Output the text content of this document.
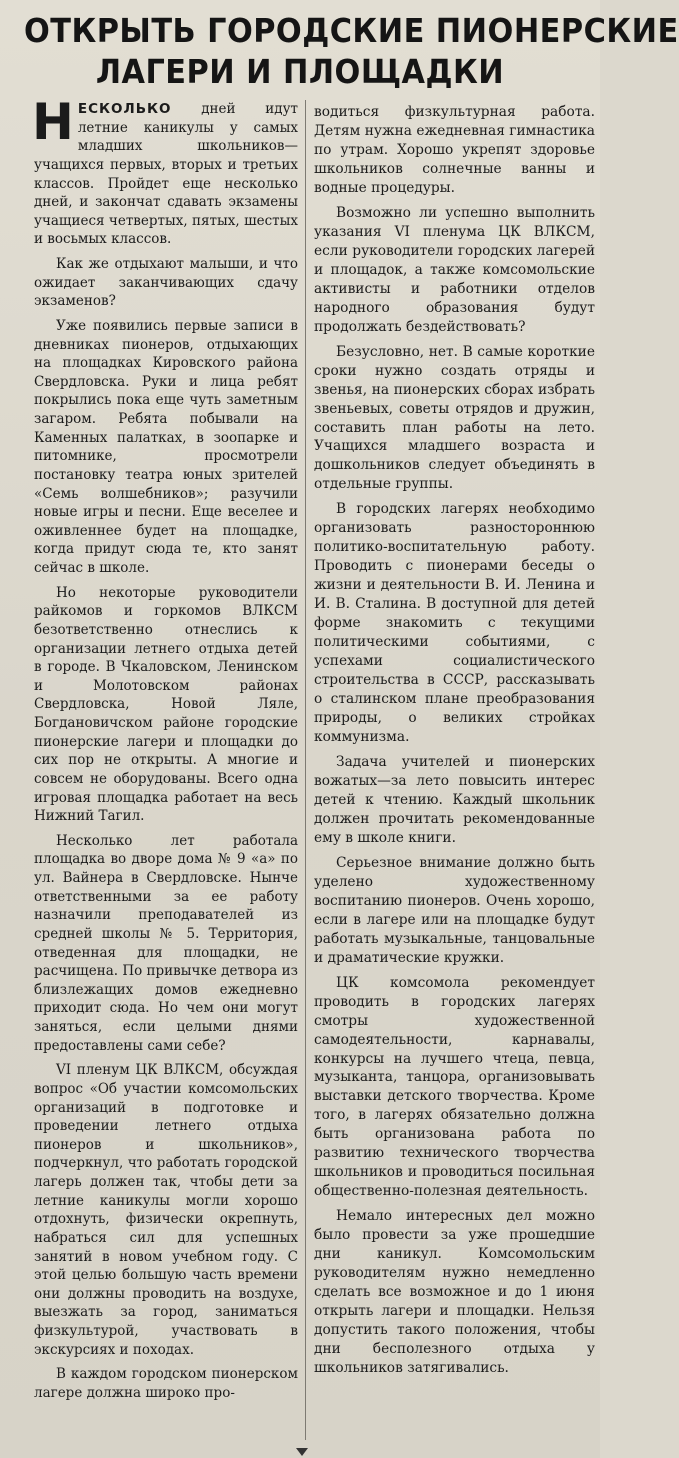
ОТКРЫТЬ ГОРОДСКИЕ ПИОНЕРСКИЕ
ЛАГЕРИ И ПЛОЩАДКИ

НЕСКОЛЬКО дней идут летние каникулы у самых младших школьников—учащихся первых, вторых и третьих классов. Пройдет еще несколько дней, и закончат сдавать экзамены учащиеся четвертых, пятых, шестых и восьмых классов.

Как же отдыхают малыши, и что ожидает заканчивающих сдачу экзаменов?

Уже появились первые записи в дневниках пионеров, отдыхающих на площадках Кировского района Свердловска. Руки и лица ребят покрылись пока еще чуть заметным загаром. Ребята побывали на Каменных палатках, в зоопарке и питомнике, просмотрели постановку театра юных зрителей «Семь волшебников»; разучили новые игры и песни. Еще веселее и оживленнее будет на площадке, когда придут сюда те, кто занят сейчас в школе.

Но некоторые руководители райкомов и горкомов ВЛКСМ безответственно отнеслись к организации летнего отдыха детей в городе. В Чкаловском, Ленинском и Молотовском районах Свердловска, Новой Ляле, Богдановичском районе городские пионерские лагери и площадки до сих пор не открыты. А многие и совсем не оборудованы. Всего одна игровая площадка работает на весь Нижний Тагил.

Несколько лет работала площадка во дворе дома № 9 «а» по ул. Вайнера в Свердловске. Нынче ответственными за ее работу назначили преподавателей из средней школы № 5. Территория, отведенная для площадки, не расчищена. По привычке детвора из близлежащих домов ежедневно приходит сюда. Но чем они могут заняться, если целыми днями предоставлены сами себе?

VI пленум ЦК ВЛКСМ, обсуждая вопрос «Об участии комсомольских организаций в подготовке и проведении летнего отдыха пионеров и школьников», подчеркнул, что работать городской лагерь должен так, чтобы дети за летние каникулы могли хорошо отдохнуть, физически окрепнуть, набраться сил для успешных занятий в новом учебном году. С этой целью большую часть времени они должны проводить на воздухе, выезжать за город, заниматься физкультурой, участвовать в экскурсиях и походах.

В каждом городском пионерском лагере должна широко про-

водиться физкультурная работа. Детям нужна ежедневная гимнастика по утрам. Хорошо укрепят здоровье школьников солнечные ванны и водные процедуры.

Возможно ли успешно выполнить указания VI пленума ЦК ВЛКСМ, если руководители городских лагерей и площадок, а также комсомольские активисты и работники отделов народного образования будут продолжать бездействовать?

Безусловно, нет. В самые короткие сроки нужно создать отряды и звенья, на пионерских сборах избрать звеньевых, советы отрядов и дружин, составить план работы на лето. Учащихся младшего возраста и дошкольников следует объединять в отдельные группы.

В городских лагерях необходимо организовать разностороннюю политико-воспитательную работу. Проводить с пионерами беседы о жизни и деятельности В. И. Ленина и И. В. Сталина. В доступной для детей форме знакомить с текущими политическими событиями, с успехами социалистического строительства в СССР, рассказывать о сталинском плане преобразования природы, о великих стройках коммунизма.

Задача учителей и пионерских вожатых—за лето повысить интерес детей к чтению. Каждый школьник должен прочитать рекомендованные ему в школе книги.

Серьезное внимание должно быть уделено художественному воспитанию пионеров. Очень хорошо, если в лагере или на площадке будут работать музыкальные, танцовальные и драматические кружки.

ЦК комсомола рекомендует проводить в городских лагерях смотры художественной самодеятельности, карнавалы, конкурсы на лучшего чтеца, певца, музыканта, танцора, организовывать выставки детского творчества. Кроме того, в лагерях обязательно должна быть организована работа по развитию технического творчества школьников и проводиться посильная общественно-полезная деятельность.

Немало интересных дел можно было провести за уже прошедшие дни каникул. Комсомольским руководителям нужно немедленно сделать все возможное и до 1 июня открыть лагери и площадки. Нельзя допустить такого положения, чтобы дни бесполезного отдыха у школьников затягивались.
